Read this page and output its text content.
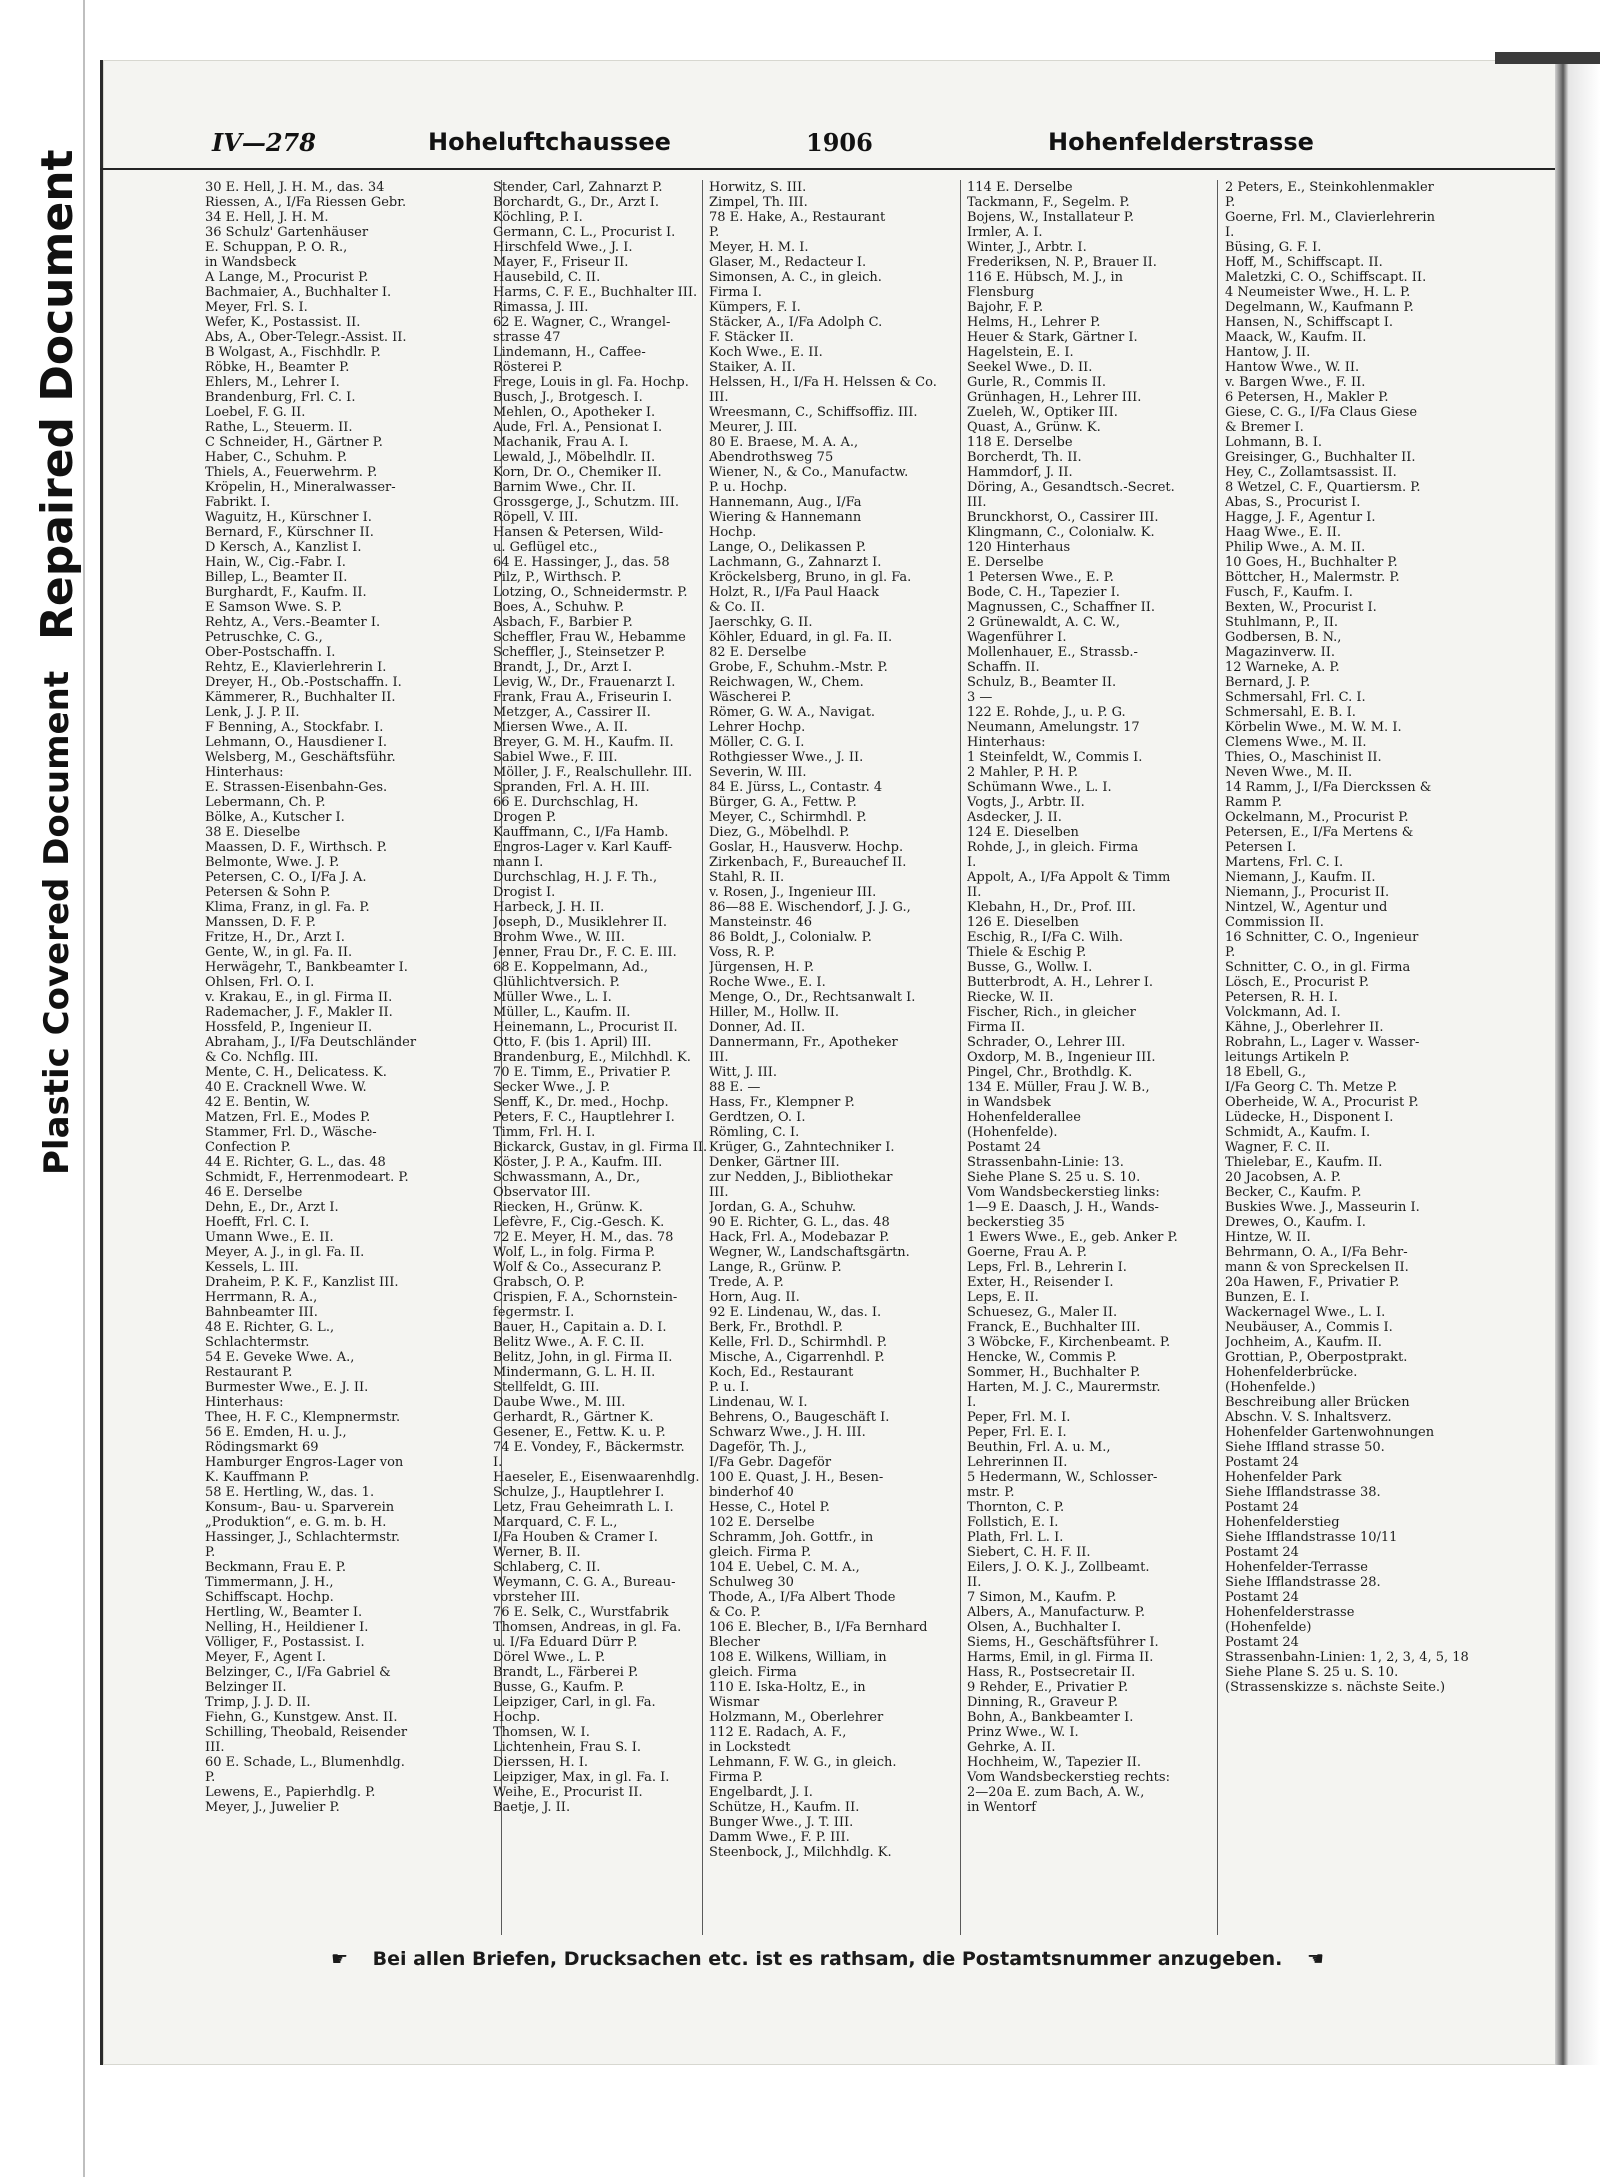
Repaired Document
Plastic Covered Document
IV—278	Hoheluftchaussee	1906	Hohenfelderstrasse
30 E. Hell, J. H. M., das. 34
Riessen, A., I/Fa Riessen Gebr.
34 E. Hell, J. H. M.
36 Schulz' Gartenhäuser
E. Schuppan, P. O. R.,
in Wandsbeck
A Lange, M., Procurist P.
Bachmaier, A., Buchhalter I.
Meyer, Frl. S. I.
Wefer, K., Postassist. II.
Abs, A., Ober-Telegr.-Assist. II.
B Wolgast, A., Fischhdlr. P.
Röbke, H., Beamter P.
Ehlers, M., Lehrer I.
Brandenburg, Frl. C. I.
Loebel, F. G. II.
Rathe, L., Steuerm. II.
C Schneider, H., Gärtner P.
Haber, C., Schuhm. P.
Thiels, A., Feuerwehrm. P.
Kröpelin, H., Mineralwasser-
Fabrikt. I.
Waguitz, H., Kürschner I.
Bernard, F., Kürschner II.
D Kersch, A., Kanzlist I.
Hain, W., Cig.-Fabr. I.
Billep, L., Beamter II.
Burghardt, F., Kaufm. II.
E Samson Wwe. S. P.
Rehtz, A., Vers.-Beamter I.
Petruschke, C. G.,
Ober-Postschaffn. I.
Rehtz, E., Klavierlehrerin I.
Dreyer, H., Ob.-Postschaffn. I.
Kämmerer, R., Buchhalter II.
Lenk, J. J. P. II.
F Benning, A., Stockfabr. I.
Lehmann, O., Hausdiener I.
Welsberg, M., Geschäftsführ.
Hinterhaus:
E. Strassen-Eisenbahn-Ges.
Lebermann, Ch. P.
Bölke, A., Kutscher I.
38 E. Dieselbe
Maassen, D. F., Wirthsch. P.
Belmonte, Wwe. J. P.
Petersen, C. O., I/Fa J. A.
Petersen & Sohn P.
Klima, Franz, in gl. Fa. P.
Manssen, D. F. P.
Fritze, H., Dr., Arzt I.
Gente, W., in gl. Fa. II.
Herwägehr, T., Bankbeamter I.
Ohlsen, Frl. O. I.
v. Krakau, E., in gl. Firma II.
Rademacher, J. F., Makler II.
Hossfeld, P., Ingenieur II.
Abraham, J., I/Fa Deutschländer
& Co. Nchflg. III.
Mente, C. H., Delicatess. K.
40 E. Cracknell Wwe. W.
42 E. Bentin, W.
Matzen, Frl. E., Modes P.
Stammer, Frl. D., Wäsche-
Confection P.
44 E. Richter, G. L., das. 48
Schmidt, F., Herrenmodeart. P.
46 E. Derselbe
Dehn, E., Dr., Arzt I.
Hoefft, Frl. C. I.
Umann Wwe., E. II.
Meyer, A. J., in gl. Fa. II.
Kessels, L. III.
Draheim, P. K. F., Kanzlist III.
Herrmann, R. A.,
Bahnbeamter III.
48 E. Richter, G. L.,
Schlachtermstr.
54 E. Geveke Wwe. A.,
Restaurant P.
Burmester Wwe., E. J. II.
Hinterhaus:
Thee, H. F. C., Klempnermstr.
56 E. Emden, H. u. J.,
Rödingsmarkt 69
Hamburger Engros-Lager von
K. Kauffmann P.
58 E. Hertling, W., das. 1.
Konsum-, Bau- u. Sparverein
„Produktion“, e. G. m. b. H.
Hassinger, J., Schlachtermstr.
P.
Beckmann, Frau E. P.
Timmermann, J. H.,
Schiffscapt. Hochp.
Hertling, W., Beamter I.
Nelling, H., Heildiener I.
Völliger, F., Postassist. I.
Meyer, F., Agent I.
Belzinger, C., I/Fa Gabriel &
Belzinger II.
Trimp, J. J. D. II.
Fiehn, G., Kunstgew. Anst. II.
Schilling, Theobald, Reisender
III.
60 E. Schade, L., Blumenhdlg.
P.
Lewens, E., Papierhdlg. P.
Meyer, J., Juwelier P.
Stender, Carl, Zahnarzt P.
Borchardt, G., Dr., Arzt I.
Köchling, P. I.
Germann, C. L., Procurist I.
Hirschfeld Wwe., J. I.
Mayer, F., Friseur II.
Hausebild, C. II.
Harms, C. F. E., Buchhalter III.
Rimassa, J. III.
62 E. Wagner, C., Wrangel-
strasse 47
Lindemann, H., Caffee-
Rösterei P.
Frege, Louis in gl. Fa. Hochp.
Busch, J., Brotgesch. I.
Mehlen, O., Apotheker I.
Aude, Frl. A., Pensionat I.
Machanik, Frau A. I.
Lewald, J., Möbelhdlr. II.
Korn, Dr. O., Chemiker II.
Barnim Wwe., Chr. II.
Grossgerge, J., Schutzm. III.
Röpell, V. III.
Hansen & Petersen, Wild-
u. Geflügel etc.,
64 E. Hassinger, J., das. 58
Pilz, P., Wirthsch. P.
Lotzing, O., Schneidermstr. P.
Boes, A., Schuhw. P.
Asbach, F., Barbier P.
Scheffler, Frau W., Hebamme
Scheffler, J., Steinsetzer P.
Brandt, J., Dr., Arzt I.
Levig, W., Dr., Frauenarzt I.
Frank, Frau A., Friseurin I.
Metzger, A., Cassirer II.
Miersen Wwe., A. II.
Breyer, G. M. H., Kaufm. II.
Sabiel Wwe., F. III.
Möller, J. F., Realschullehr. III.
Spranden, Frl. A. H. III.
66 E. Durchschlag, H.
Drogen P.
Kauffmann, C., I/Fa Hamb.
Engros-Lager v. Karl Kauff-
mann I.
Durchschlag, H. J. F. Th.,
Drogist I.
Harbeck, J. H. II.
Joseph, D., Musiklehrer II.
Brohm Wwe., W. III.
Jenner, Frau Dr., F. C. E. III.
68 E. Koppelmann, Ad.,
Glühlichtversich. P.
Müller Wwe., L. I.
Müller, L., Kaufm. II.
Heinemann, L., Procurist II.
Otto, F. (bis 1. April) III.
Brandenburg, E., Milchhdl. K.
70 E. Timm, E., Privatier P.
Secker Wwe., J. P.
Senff, K., Dr. med., Hochp.
Peters, F. C., Hauptlehrer I.
Timm, Frl. H. I.
Bickarck, Gustav, in gl. Firma II.
Köster, J. P. A., Kaufm. III.
Schwassmann, A., Dr.,
Observator III.
Riecken, H., Grünw. K.
Lefèvre, F., Cig.-Gesch. K.
72 E. Meyer, H. M., das. 78
Wolf, L., in folg. Firma P.
Wolf & Co., Assecuranz P.
Grabsch, O. P.
Crispien, F. A., Schornstein-
fegermstr. I.
Bauer, H., Capitain a. D. I.
Belitz Wwe., A. F. C. II.
Belitz, John, in gl. Firma II.
Mindermann, G. L. H. II.
Stellfeldt, G. III.
Daube Wwe., M. III.
Gerhardt, R., Gärtner K.
Gesener, E., Fettw. K. u. P.
74 E. Vondey, F., Bäckermstr.
I.
Haeseler, E., Eisenwaarenhdlg.
Schulze, J., Hauptlehrer I.
Letz, Frau Geheimrath L. I.
Marquard, C. F. L.,
I/Fa Houben & Cramer I.
Werner, B. II.
Schlaberg, C. II.
Weymann, C. G. A., Bureau-
vorsteher III.
76 E. Selk, C., Wurstfabrik
Thomsen, Andreas, in gl. Fa.
u. I/Fa Eduard Dürr P.
Dörel Wwe., L. P.
Brandt, L., Färberei P.
Busse, G., Kaufm. P.
Leipziger, Carl, in gl. Fa.
Hochp.
Thomsen, W. I.
Lichtenhein, Frau S. I.
Dierssen, H. I.
Leipziger, Max, in gl. Fa. I.
Weihe, E., Procurist II.
Baetje, J. II.
Horwitz, S. III.
Zimpel, Th. III.
78 E. Hake, A., Restaurant
P.
Meyer, H. M. I.
Glaser, M., Redacteur I.
Simonsen, A. C., in gleich.
Firma I.
Kümpers, F. I.
Stäcker, A., I/Fa Adolph C.
F. Stäcker II.
Koch Wwe., E. II.
Staiker, A. II.
Helssen, H., I/Fa H. Helssen & Co.
III.
Wreesmann, C., Schiffsoffiz. III.
Meurer, J. III.
80 E. Braese, M. A. A.,
Abendrothsweg 75
Wiener, N., & Co., Manufactw.
P. u. Hochp.
Hannemann, Aug., I/Fa
Wiering & Hannemann
Hochp.
Lange, O., Delikassen P.
Lachmann, G., Zahnarzt I.
Kröckelsberg, Bruno, in gl. Fa.
Holzt, R., I/Fa Paul Haack
& Co. II.
Jaerschky, G. II.
Köhler, Eduard, in gl. Fa. II.
82 E. Derselbe
Grobe, F., Schuhm.-Mstr. P.
Reichwagen, W., Chem.
Wäscherei P.
Römer, G. W. A., Navigat.
Lehrer Hochp.
Möller, C. G. I.
Rothgiesser Wwe., J. II.
Severin, W. III.
84 E. Jürss, L., Contastr. 4
Bürger, G. A., Fettw. P.
Meyer, C., Schirmhdl. P.
Diez, G., Möbelhdl. P.
Goslar, H., Hausverw. Hochp.
Zirkenbach, F., Bureauchef II.
Stahl, R. II.
v. Rosen, J., Ingenieur III.
86—88 E. Wischendorf, J. J. G.,
Mansteinstr. 46
86 Boldt, J., Colonialw. P.
Voss, R. P.
Jürgensen, H. P.
Roche Wwe., E. I.
Menge, O., Dr., Rechtsanwalt I.
Hiller, M., Hollw. II.
Donner, Ad. II.
Dannermann, Fr., Apotheker
III.
Witt, J. III.
88 E. —
Hass, Fr., Klempner P.
Gerdtzen, O. I.
Römling, C. I.
Krüger, G., Zahntechniker I.
Denker, Gärtner III.
zur Nedden, J., Bibliothekar
III.
Jordan, G. A., Schuhw.
90 E. Richter, G. L., das. 48
Hack, Frl. A., Modebazar P.
Wegner, W., Landschaftsgärtn.
Lange, R., Grünw. P.
Trede, A. P.
Horn, Aug. II.
92 E. Lindenau, W., das. I.
Berk, Fr., Brothdl. P.
Kelle, Frl. D., Schirmhdl. P.
Mische, A., Cigarrenhdl. P.
Koch, Ed., Restaurant
P. u. I.
Lindenau, W. I.
Behrens, O., Baugeschäft I.
Schwarz Wwe., J. H. III.
Dageför, Th. J.,
I/Fa Gebr. Dageför
100 E. Quast, J. H., Besen-
binderhof 40
Hesse, C., Hotel P.
102 E. Derselbe
Schramm, Joh. Gottfr., in
gleich. Firma P.
104 E. Uebel, C. M. A.,
Schulweg 30
Thode, A., I/Fa Albert Thode
& Co. P.
106 E. Blecher, B., I/Fa Bernhard
Blecher
108 E. Wilkens, William, in
gleich. Firma
110 E. Iska-Holtz, E., in
Wismar
Holzmann, M., Oberlehrer
112 E. Radach, A. F.,
in Lockstedt
Lehmann, F. W. G., in gleich.
Firma P.
Engelbardt, J. I.
Schütze, H., Kaufm. II.
Bunger Wwe., J. T. III.
Damm Wwe., F. P. III.
Steenbock, J., Milchhdlg. K.
114 E. Derselbe
Tackmann, F., Segelm. P.
Bojens, W., Installateur P.
Irmler, A. I.
Winter, J., Arbtr. I.
Frederiksen, N. P., Brauer II.
116 E. Hübsch, M. J., in
Flensburg
Bajohr, F. P.
Helms, H., Lehrer P.
Heuer & Stark, Gärtner I.
Hagelstein, E. I.
Seekel Wwe., D. II.
Gurle, R., Commis II.
Grünhagen, H., Lehrer III.
Zueleh, W., Optiker III.
Quast, A., Grünw. K.
118 E. Derselbe
Borcherdt, Th. II.
Hammdorf, J. II.
Döring, A., Gesandtsch.-Secret.
III.
Brunckhorst, O., Cassirer III.
Klingmann, C., Colonialw. K.
120 Hinterhaus
E. Derselbe
1 Petersen Wwe., E. P.
Bode, C. H., Tapezier I.
Magnussen, C., Schaffner II.
2 Grünewaldt, A. C. W.,
Wagenführer I.
Mollenhauer, E., Strassb.-
Schaffn. II.
Schulz, B., Beamter II.
3 —
122 E. Rohde, J., u. P. G.
Neumann, Amelungstr. 17
Hinterhaus:
1 Steinfeldt, W., Commis I.
2 Mahler, P. H. P.
Schümann Wwe., L. I.
Vogts, J., Arbtr. II.
Asdecker, J. II.
124 E. Dieselben
Rohde, J., in gleich. Firma
I.
Appolt, A., I/Fa Appolt & Timm
II.
Klebahn, H., Dr., Prof. III.
126 E. Dieselben
Eschig, R., I/Fa C. Wilh.
Thiele & Eschig P.
Busse, G., Wollw. I.
Butterbrodt, A. H., Lehrer I.
Riecke, W. II.
Fischer, Rich., in gleicher
Firma II.
Schrader, O., Lehrer III.
Oxdorp, M. B., Ingenieur III.
Pingel, Chr., Brothdlg. K.
134 E. Müller, Frau J. W. B.,
in Wandsbek
Hohenfelderallee
(Hohenfelde).
Postamt 24
Strassenbahn-Linie: 13.
Siehe Plane S. 25 u. S. 10.
Vom Wandsbeckerstieg links:
1—9 E. Daasch, J. H., Wands-
beckerstieg 35
1 Ewers Wwe., E., geb. Anker P.
Goerne, Frau A. P.
Leps, Frl. B., Lehrerin I.
Exter, H., Reisender I.
Leps, E. II.
Schuesez, G., Maler II.
Franck, E., Buchhalter III.
3 Wöbcke, F., Kirchenbeamt. P.
Hencke, W., Commis P.
Sommer, H., Buchhalter P.
Harten, M. J. C., Maurermstr.
I.
Peper, Frl. M. I.
Peper, Frl. E. I.
Beuthin, Frl. A. u. M.,
Lehrerinnen II.
5 Hedermann, W., Schlosser-
mstr. P.
Thornton, C. P.
Follstich, E. I.
Plath, Frl. L. I.
Siebert, C. H. F. II.
Eilers, J. O. K. J., Zollbeamt.
II.
7 Simon, M., Kaufm. P.
Albers, A., Manufacturw. P.
Olsen, A., Buchhalter I.
Siems, H., Geschäftsführer I.
Harms, Emil, in gl. Firma II.
Hass, R., Postsecretair II.
9 Rehder, E., Privatier P.
Dinning, R., Graveur P.
Bohn, A., Bankbeamter I.
Prinz Wwe., W. I.
Gehrke, A. II.
Hochheim, W., Tapezier II.
Vom Wandsbeckerstieg rechts:
2—20a E. zum Bach, A. W.,
in Wentorf
2 Peters, E., Steinkohlenmakler
P.
Goerne, Frl. M., Clavierlehrerin
I.
Büsing, G. F. I.
Hoff, M., Schiffscapt. II.
Maletzki, C. O., Schiffscapt. II.
4 Neumeister Wwe., H. L. P.
Degelmann, W., Kaufmann P.
Hansen, N., Schiffscapt I.
Maack, W., Kaufm. II.
Hantow, J. II.
Hantow Wwe., W. II.
v. Bargen Wwe., F. II.
6 Petersen, H., Makler P.
Giese, C. G., I/Fa Claus Giese
& Bremer I.
Lohmann, B. I.
Greisinger, G., Buchhalter II.
Hey, C., Zollamtsassist. II.
8 Wetzel, C. F., Quartiersm. P.
Abas, S., Procurist I.
Hagge, J. F., Agentur I.
Haag Wwe., E. II.
Philip Wwe., A. M. II.
10 Goes, H., Buchhalter P.
Böttcher, H., Malermstr. P.
Fusch, F., Kaufm. I.
Bexten, W., Procurist I.
Stuhlmann, P., II.
Godbersen, B. N.,
Magazinverw. II.
12 Warneke, A. P.
Bernard, J. P.
Schmersahl, Frl. C. I.
Schmersahl, E. B. I.
Körbelin Wwe., M. W. M. I.
Clemens Wwe., M. II.
Thies, O., Maschinist II.
Neven Wwe., M. II.
14 Ramm, J., I/Fa Dierckssen &
Ramm P.
Ockelmann, M., Procurist P.
Petersen, E., I/Fa Mertens &
Petersen I.
Martens, Frl. C. I.
Niemann, J., Kaufm. II.
Niemann, J., Procurist II.
Nintzel, W., Agentur und
Commission II.
16 Schnitter, C. O., Ingenieur
P.
Schnitter, C. O., in gl. Firma
Lösch, E., Procurist P.
Petersen, R. H. I.
Volckmann, Ad. I.
Kähne, J., Oberlehrer II.
Robrahn, L., Lager v. Wasser-
leitungs Artikeln P.
18 Ebell, G.,
I/Fa Georg C. Th. Metze P.
Oberheide, W. A., Procurist P.
Lüdecke, H., Disponent I.
Schmidt, A., Kaufm. I.
Wagner, F. C. II.
Thielebar, E., Kaufm. II.
20 Jacobsen, A. P.
Becker, C., Kaufm. P.
Buskies Wwe. J., Masseurin I.
Drewes, O., Kaufm. I.
Hintze, W. II.
Behrmann, O. A., I/Fa Behr-
mann & von Spreckelsen II.
20a Hawen, F., Privatier P.
Bunzen, E. I.
Wackernagel Wwe., L. I.
Neubäuser, A., Commis I.
Jochheim, A., Kaufm. II.
Grottian, P., Oberpostprakt.
Hohenfelderbrücke.
(Hohenfelde.)
Beschreibung aller Brücken
Abschn. V. S. Inhaltsverz.
Hohenfelder Gartenwohnungen
Siehe Iffland strasse 50.
Postamt 24
Hohenfelder Park
Siehe Ifflandstrasse 38.
Postamt 24
Hohenfelderstieg
Siehe Ifflandstrasse 10/11
Postamt 24
Hohenfelder-Terrasse
Siehe Ifflandstrasse 28.
Postamt 24
Hohenfelderstrasse
(Hohenfelde)
Postamt 24
Strassenbahn-Linien: 1, 2, 3, 4, 5, 18
Siehe Plane S. 25 u. S. 10.
(Strassenskizze s. nächste Seite.)
☛ Bei allen Briefen, Drucksachen etc. ist es rathsam, die Postamtsnummer anzugeben. ☚
